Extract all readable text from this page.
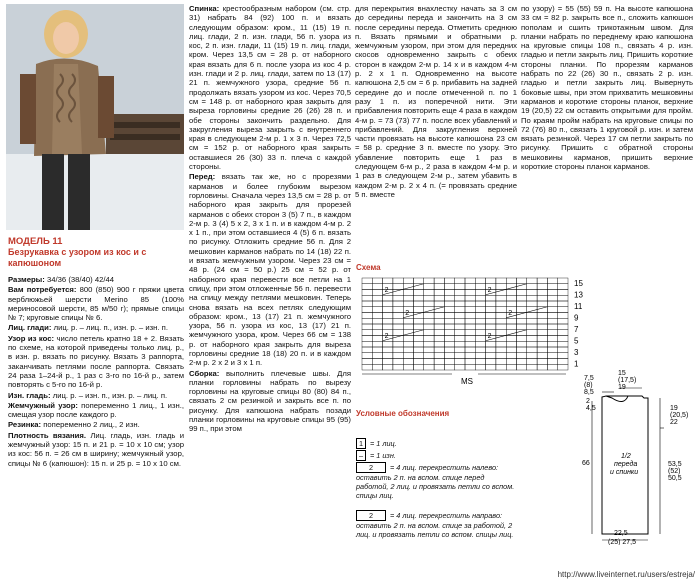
МОДЕЛЬ 11
Безрукавка с узором из кос и с капюшоном

Размеры: 34/36 (38/40) 42/44

Вам потребуется: 800 (850) 900 г пряжи цвета верблюжьей шерсти Merino 85 (100% мериносовой шерсти, 85 м/50 г); прямые спицы № 7; круговые спицы № 6.

Лиц. глади: лиц. р. – лиц. п., изн. р. – изн. п.

Узор из кос: число петель кратно 18 + 2. Вязать по схеме, на которой приведены только лиц. р., в изн. р. вязать по рисунку. Вязать 3 раппорта, заканчивать петлями после раппорта. Связать 24 раза 1–24-й р., 1 раз с 3-го по 16-й р., затем повторять с 5-го по 16-й р.

Изн. гладь: лиц. р. – изн. п., изн. р. – лиц. п.

Жемчужный узор: попеременно 1 лиц., 1 изн., смещая узор после каждого р.

Резинка: попеременно 2 лиц., 2 изн.

Плотность вязания. Лиц. гладь, изн. гладь и жемчужный узор: 15 п. и 21 р. = 10 х 10 см; узор из кос: 56 п. = 26 см в ширину; жемчужный узор, спицы № 6 (капюшон): 15 п. и 25 р. = 10 х 10 см.

Спинка: крестообразным набором (см. стр. 31) набрать 84 (92) 100 п. и вязать следующим образом: кром., 11 (15) 19 п. лиц. глади, 2 п. изн. глади, 56 п. узора из кос, 2 п. изн. глади, 11 (15) 19 п. лиц. глади, кром. Через 13,5 см = 28 р. от наборного края вязать для 6 п. после узора из кос 4 р. изн. глади и 2 р. лиц. глади, затем по 13 (17) 21 п. жемчужного узора, средние 56 п. продолжать вязать узором из кос. Через 70,5 см = 148 р. от наборного края закрыть для выреза горловины средние 26 (26) 28 п. и обе стороны закончить раздельно. Для закругления выреза закрыть с внутреннего края в следующем 2-м р. 1 х 3 п. Через 72,5 см = 152 р. от наборного края закрыть оставшиеся 26 (30) 33 п. плеча с каждой стороны.

Перед: вязать так же, но с прорезями карманов и более глубоким вырезом горловины. Сначала через 13,5 см = 28 р. от наборного края закрыть для прорезей карманов с обеих сторон 3 (5) 7 п., в каждом 2-м р. 3 (4) 5 х 2, 3 х 1 п. и в каждом 4-м р. 2 х 1 п., при этом оставшиеся 4 (5) 6 п. вязать по рисунку. Отложить средние 56 п. Для 2 мешковин карманов набрать по 14 (18) 22 п. и вязать жемчужным узором. Через 23 см = 48 р. (24 см = 50 р.) 25 см = 52 р. от наборного края перевести все петли на 1 спицу, при этом отложенные 56 п. перевести на спицу между петлями мешковин. Теперь снова вязать на всех петлях следующим образом: кром., 13 (17) 21 п. жемчужного узора, 56 п. узора из кос, 13 (17) 21 п. жемчужного узора, кром. Через 66 см = 138 р. от наборного края закрыть для выреза горловины средние 18 (18) 20 п. и в каждом 2-м р. 2 х 2 и 3 х 1 п.

Сборка: выполнить плечевые швы. Для планки горловины набрать по вырезу горловины на круговые спицы 80 (80) 84 п., связать 2 см резинкой и закрыть все п. по рисунку. Для капюшона набрать позади планки горловины на круговые спицы 95 (95) 99 п., при этом

для перекрытия внахлестку начать за 3 см до середины переда и закончить на 3 см после середины переда. Отметить среднюю п. Вязать прямыми и обратными р. жемчужным узором, при этом для передних скосов одновременно закрыть с обеих сторон в каждом 2-м р. 14 х и в каждом 4-м р. 2 х 1 п. Одновременно на высоте капюшона 2,5 см = 6 р. прибавить на задней середине до и после отмеченной п. по 1 разу 1 п. из поперечной нити. Эти прибавления повторить еще 4 раза в каждом 4-м р. = 73 (73) 77 п. после всех убавлений и прибавлений. Для закругления верхней части провязать на высоте капюшона 23 см = 58 р. средние 3 п. вместе по узору. Это убавление повторить еще 1 раз в следующем 6-м р., 2 раза в каждом 4-м р. и 1 раз в следующем 2-м р., затем убавить в каждом 2-м р. 2 х 4 п. (= провязать средние 5 п. вместе

по узору) = 55 (55) 59 п. На высоте капюшона 33 см = 82 р. закрыть все п., сложить капюшон пополам и сшить трикотажным швом. Для планки набрать по переднему краю капюшона на круговые спицы 108 п., связать 4 р. изн. гладью и петли закрыть лиц. Пришить короткие стороны планки. По прорезям карманов набрать по 22 (26) 30 п., связать 2 р. изн. гладью и петли закрыть лиц. Вывернуть боковые швы, при этом прихватить мешковины карманов и короткие стороны планок, верхние 19 (20,5) 22 см оставить открытыми для пройм. По краям пройм набрать на круговые спицы по 72 (76) 80 п., связать 1 круговой р. изн. и затем вязать резинкой. Через 17 см петли закрыть по рисунку. Пришить с обратной стороны мешковины карманов, пришить верхние короткие стороны планок карманов.

Схема
15
13
11
9
7
5
3
1
2	2
2	2
2	2
MS
Условные обозначения
1 = 1 лиц.
– = 1 изн.
2 = 4 лиц. перекрестить налево: оставить 2 п. на вспом. спице перед работой, 2 лиц. и провязать петли со вспом. спицы лиц.
2 = 4 лиц. перекрестить направо: оставить 2 п. на вспом. спице за работой, 2 лиц. и провязать петли со вспом. спицы лиц.
7,5
(8)
8,5
15
(17,5)
19
2
4,5	19
(20,5)
22
66
1/2
переда
и спинки
53,5
(52)
50,5
22,5
(25) 27,5
http://www.liveinternet.ru/users/estreja/
